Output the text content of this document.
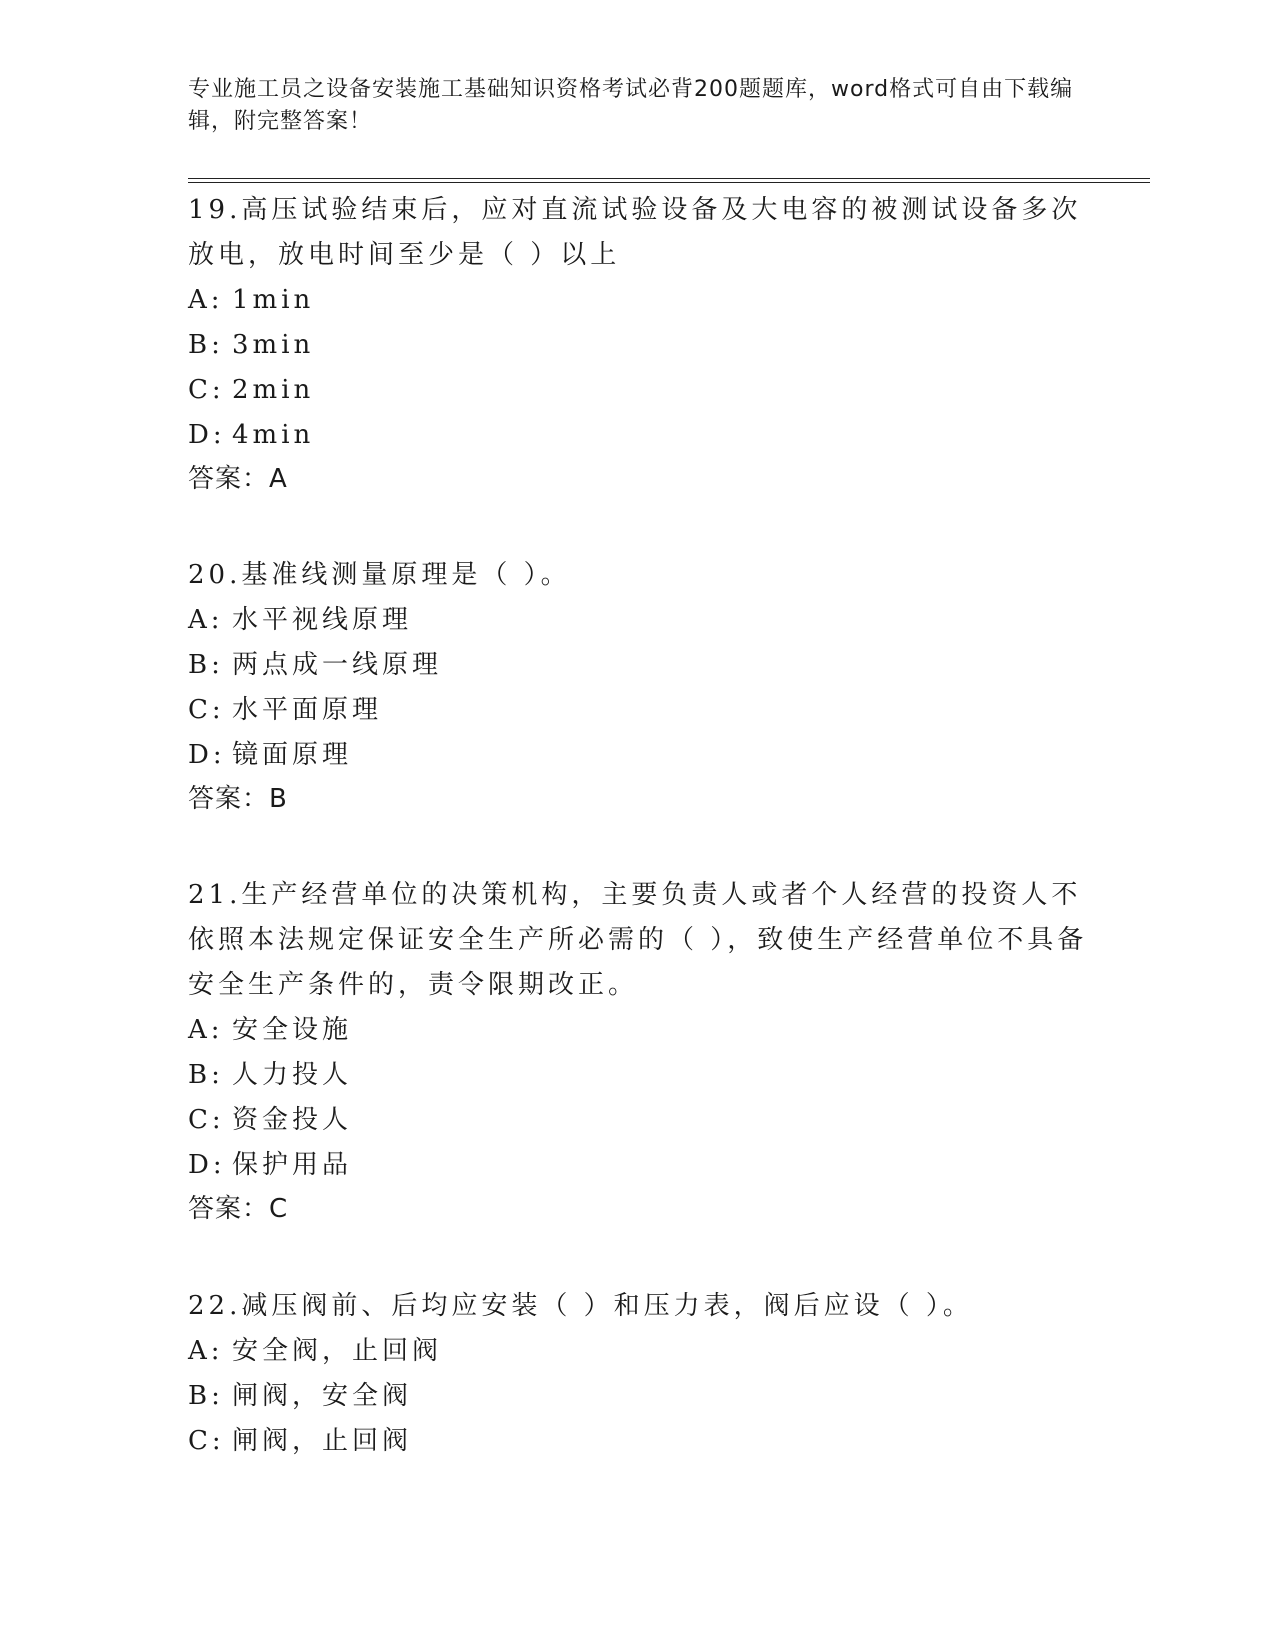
专业施工员之设备安装施工基础知识资格考试必背200题题库，word格式可自由下载编辑，附完整答案！

19.高压试验结束后，应对直流试验设备及大电容的被测试设备多次放电，放电时间至少是（ ）以上

A: 1min

B: 3min

C: 2min

D: 4min

答案：A

20.基准线测量原理是（ ）。

A: 水平视线原理

B: 两点成一线原理

C: 水平面原理

D: 镜面原理

答案：B

21.生产经营单位的决策机构，主要负责人或者个人经营的投资人不依照本法规定保证安全生产所必需的（ ），致使生产经营单位不具备安全生产条件的，责令限期改正。

A: 安全设施

B: 人力投人

C: 资金投人

D: 保护用品

答案：C

22.减压阀前、后均应安装（ ）和压力表，阀后应设（ ）。

A: 安全阀，止回阀

B: 闸阀，安全阀

C: 闸阀，止回阀
